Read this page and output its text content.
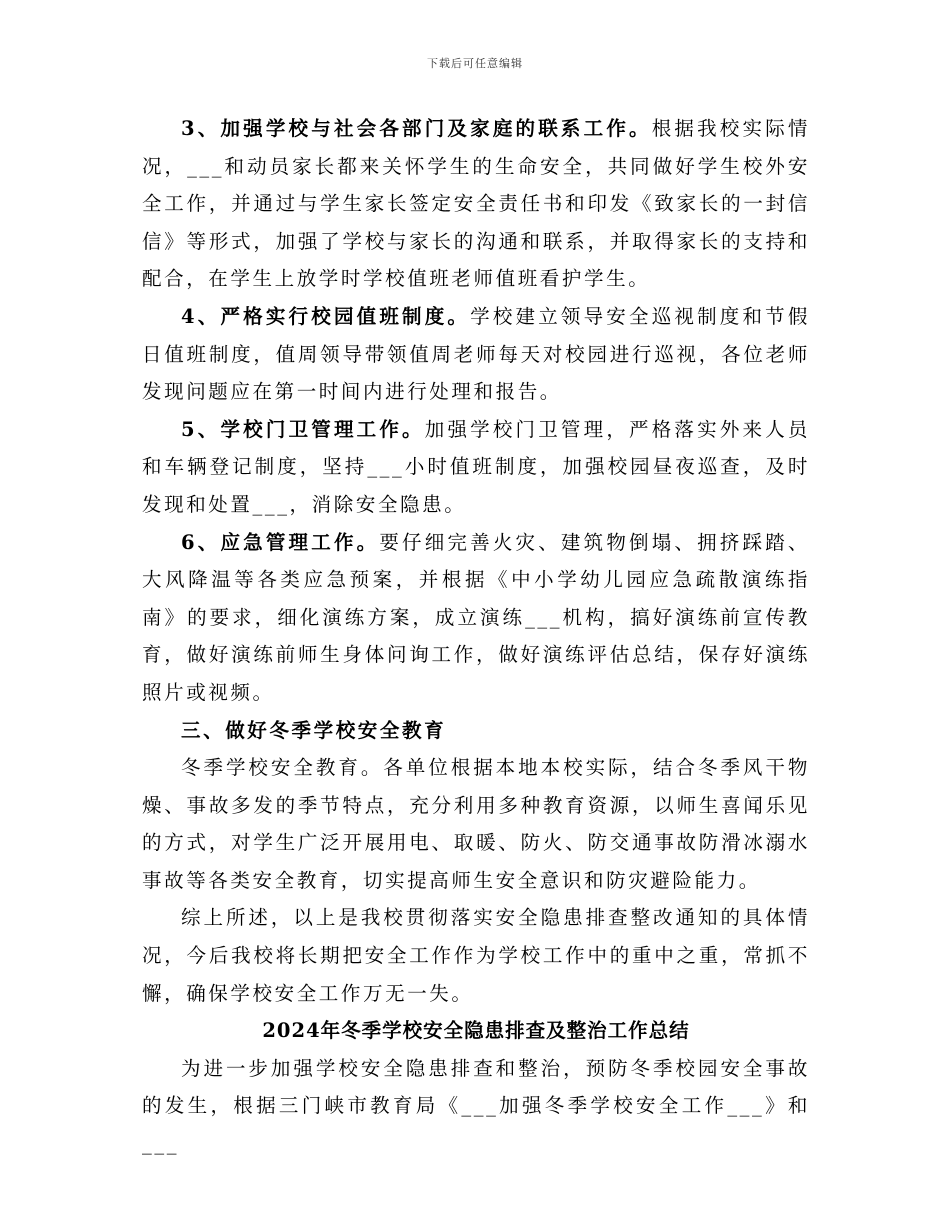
下载后可任意编辑

3、加强学校与社会各部门及家庭的联系工作。根据我校实际情况，___和动员家长都来关怀学生的生命安全，共同做好学生校外安全工作，并通过与学生家长签定安全责任书和印发《致家长的一封信信》等形式，加强了学校与家长的沟通和联系，并取得家长的支持和配合，在学生上放学时学校值班老师值班看护学生。

4、严格实行校园值班制度。学校建立领导安全巡视制度和节假日值班制度，值周领导带领值周老师每天对校园进行巡视，各位老师发现问题应在第一时间内进行处理和报告。

5、学校门卫管理工作。加强学校门卫管理，严格落实外来人员和车辆登记制度，坚持___小时值班制度，加强校园昼夜巡查，及时发现和处置___，消除安全隐患。

6、应急管理工作。要仔细完善火灾、建筑物倒塌、拥挤踩踏、大风降温等各类应急预案，并根据《中小学幼儿园应急疏散演练指南》的要求，细化演练方案，成立演练___机构，搞好演练前宣传教育，做好演练前师生身体问询工作，做好演练评估总结，保存好演练照片或视频。

三、做好冬季学校安全教育

冬季学校安全教育。各单位根据本地本校实际，结合冬季风干物燥、事故多发的季节特点，充分利用多种教育资源，以师生喜闻乐见的方式，对学生广泛开展用电、取暖、防火、防交通事故防滑冰溺水事故等各类安全教育，切实提高师生安全意识和防灾避险能力。

综上所述，以上是我校贯彻落实安全隐患排查整改通知的具体情况，今后我校将长期把安全工作作为学校工作中的重中之重，常抓不懈，确保学校安全工作万无一失。

2024年冬季学校安全隐患排查及整治工作总结

为进一步加强学校安全隐患排查和整治，预防冬季校园安全事故的发生，根据三门峡市教育局《___加强冬季学校安全工作___》和___
